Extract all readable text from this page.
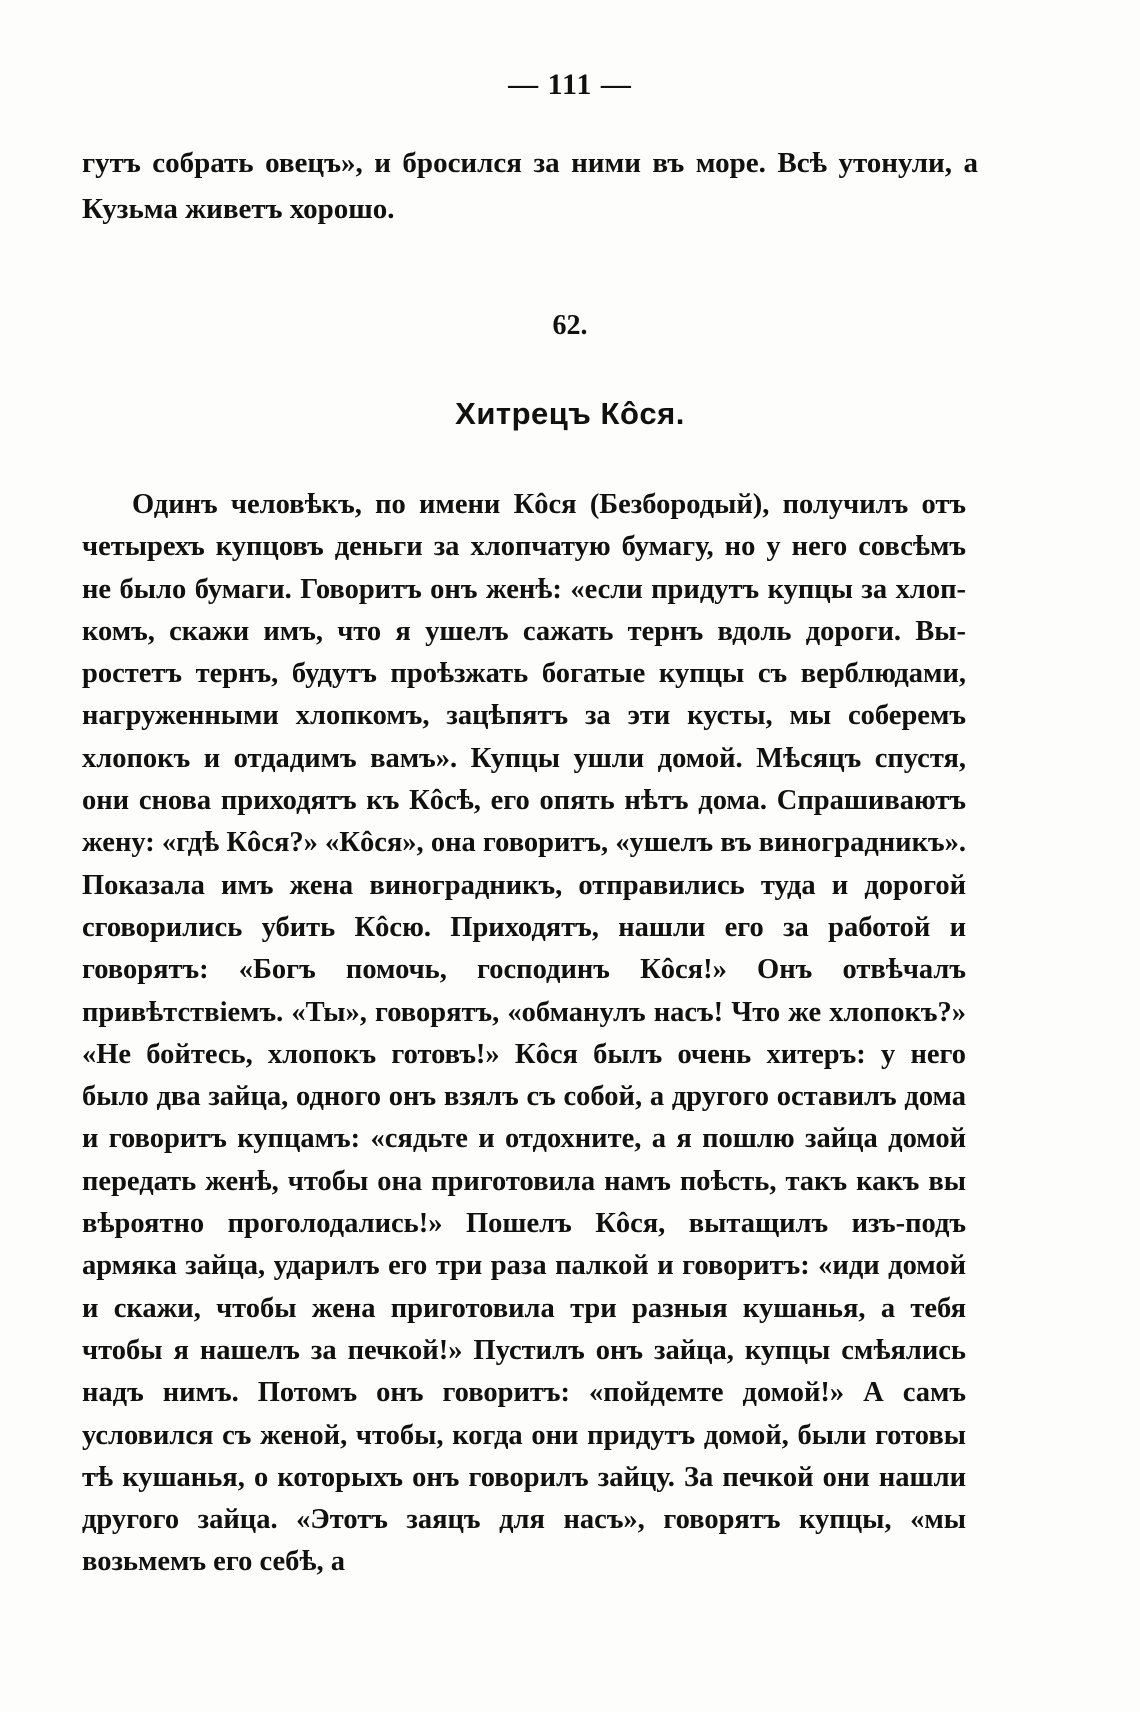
— 111 —
гутъ собрать овецъ», и бросился за ними въ море. Всѣ утонули, а Кузьма живетъ хорошо.
62.
Хитрецъ Кôся.

Одинъ человѣкъ, по имени Кôся (Безбородый), получилъ отъ четырехъ купцовъ деньги за хлопчатую бумагу, но у него совсѣмъ не было бумаги. Говоритъ онъ женѣ: «если придутъ купцы за хлопкомъ, скажи имъ, что я ушелъ сажать тернъ вдоль дороги. Выростетъ тернъ, будутъ проѣзжать богатые купцы съ верблюдами, нагруженными хлопкомъ, зацѣпятъ за эти кусты, мы соберемъ хлопокъ и отдадимъ вамъ». Купцы ушли домой. Мѣсяцъ спустя, они снова приходятъ къ Кôсѣ, его опять нѣтъ дома. Спрашиваютъ жену: «гдѣ Кôся?» «Кôся», она говоритъ, «ушелъ въ виноградникъ». Показала имъ жена виноградникъ, отправились туда и дорогой сговорились убить Кôсю. Приходятъ, нашли его за работой и говорятъ: «Богъ помочь, господинъ Кôся!» Онъ отвѣчалъ привѣтствіемъ. «Ты», говорятъ, «обманулъ насъ! Что же хлопокъ?» «Не бойтесь, хлопокъ готовъ!» Кôся былъ очень хитеръ: у него было два зайца, одного онъ взялъ съ собой, а другого оставилъ дома и говоритъ купцамъ: «сядьте и отдохните, а я пошлю зайца домой передать женѣ, чтобы она приготовила намъ поѣсть, такъ какъ вы вѣроятно проголодались!» Пошелъ Кôся, вытащилъ изъ-подъ армяка зайца, ударилъ его три раза палкой и говоритъ: «иди домой и скажи, чтобы жена приготовила три разныя кушанья, а тебя чтобы я нашелъ за печкой!» Пустилъ онъ зайца, купцы смѣялись надъ нимъ. Потомъ онъ говоритъ: «пойдемте домой!» А самъ условился съ женой, чтобы, когда они придутъ домой, были готовы тѣ кушанья, о которыхъ онъ говорилъ зайцу. За печкой они нашли другого зайца. «Этотъ заяцъ для насъ», говорятъ купцы, «мы возьмемъ его себѣ, а
